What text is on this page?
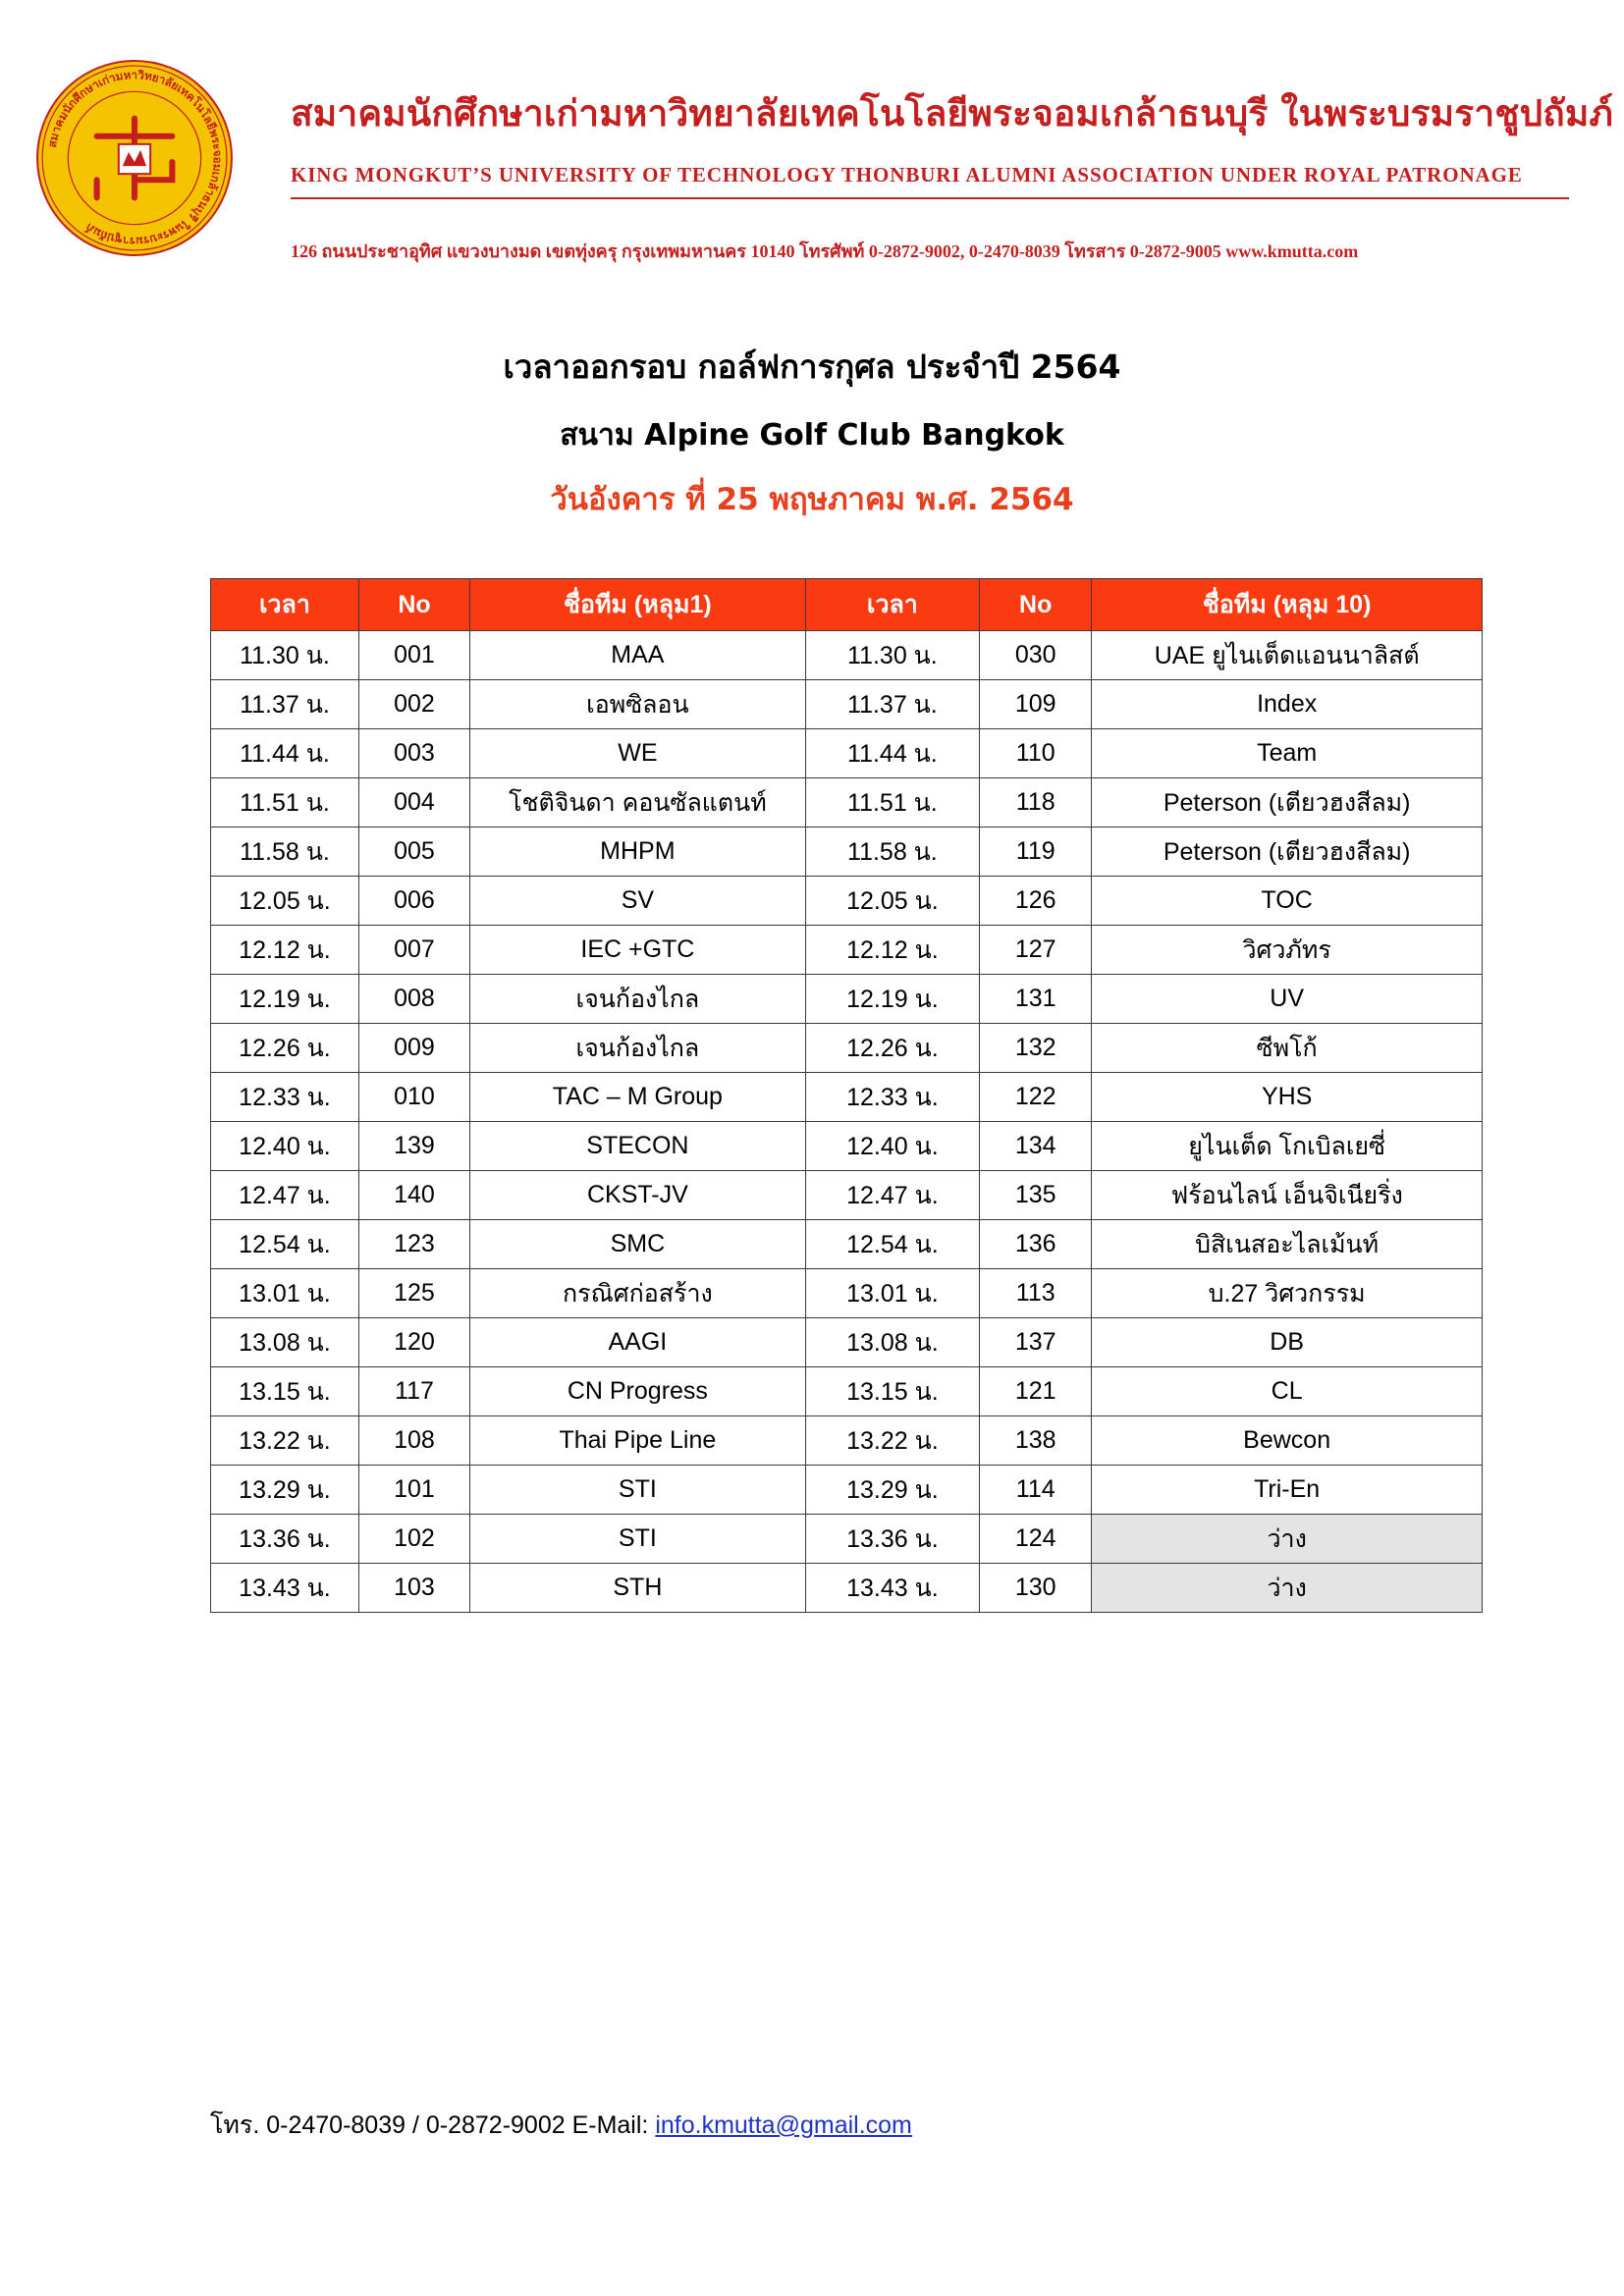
สมาคมนักศึกษาเก่ามหาวิทยาลัยเทคโนโลยีพระจอมเกล้าธนบุรี ในพระบรมราชูปถัมภ์
สมาคมนักศึกษาเก่ามหาวิทยาลัยเทคโนโลยีพระจอมเกล้าธนบุรี ในพระบรมราชูปถัมภ์
KING MONGKUT’S UNIVERSITY OF TECHNOLOGY THONBURI ALUMNI ASSOCIATION UNDER ROYAL PATRONAGE
126 ถนนประชาอุทิศ แขวงบางมด เขตทุ่งครุ กรุงเทพมหานคร 10140 โทรศัพท์ 0-2872-9002, 0-2470-8039 โทรสาร 0-2872-9005 www.kmutta.com
เวลาออกรอบ กอล์ฟการกุศล ประจำปี 2564
สนาม Alpine Golf Club Bangkok
วันอังคาร ที่ 25 พฤษภาคม พ.ศ. 2564
เวลา	No	ชื่อทีม (หลุม1)	เวลา	No	ชื่อทีม (หลุม 10)
11.30 น.	001	MAA	11.30 น.	030	UAE ยูไนเต็ดแอนนาลิสต์
11.37 น.	002	เอพซิลอน	11.37 น.	109	Index
11.44 น.	003	WE	11.44 น.	110	Team
11.51 น.	004	โชติจินดา คอนซัลแตนท์	11.51 น.	118	Peterson (เตียวฮงสีลม)
11.58 น.	005	MHPM	11.58 น.	119	Peterson (เตียวฮงสีลม)
12.05 น.	006	SV	12.05 น.	126	TOC
12.12 น.	007	IEC +GTC	12.12 น.	127	วิศวภัทร
12.19 น.	008	เจนก้องไกล	12.19 น.	131	UV
12.26 น.	009	เจนก้องไกล	12.26 น.	132	ซีพโก้
12.33 น.	010	TAC – M Group	12.33 น.	122	YHS
12.40 น.	139	STECON	12.40 น.	134	ยูไนเต็ด โกเบิลเยซี่
12.47 น.	140	CKST-JV	12.47 น.	135	ฟร้อนไลน์ เอ็นจิเนียริ่ง
12.54 น.	123	SMC	12.54 น.	136	บิสิเนสอะไลเม้นท์
13.01 น.	125	กรณิศก่อสร้าง	13.01 น.	113	บ.27 วิศวกรรม
13.08 น.	120	AAGI	13.08 น.	137	DB
13.15 น.	117	CN Progress	13.15 น.	121	CL
13.22 น.	108	Thai Pipe Line	13.22 น.	138	Bewcon
13.29 น.	101	STI	13.29 น.	114	Tri-En
13.36 น.	102	STI	13.36 น.	124	ว่าง
13.43 น.	103	STH	13.43 น.	130	ว่าง
โทร. 0-2470-8039 / 0-2872-9002 E-Mail: info.kmutta@gmail.com
